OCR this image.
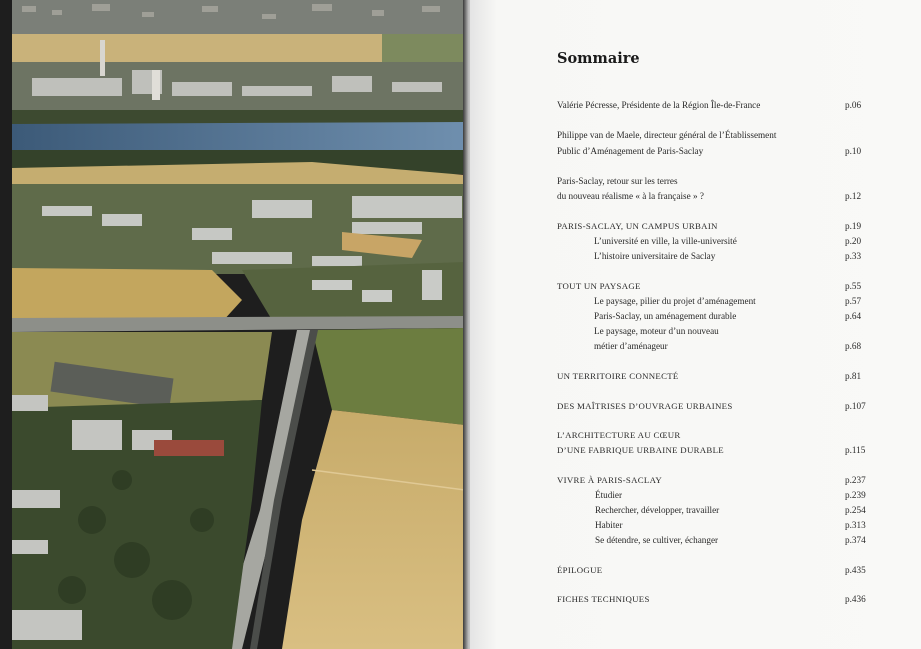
Sommaire
Valérie Pécresse, Présidente de la Région Île-de-France	p.06
Philippe van de Maele, directeur général de l’Établissement
Public d’Aménagement de Paris-Saclay	p.10
Paris-Saclay, retour sur les terres
du nouveau réalisme « à la française » ?	p.12
PARIS-SACLAY, UN CAMPUS URBAIN	p.19
L’université en ville, la ville-université	p.20
L’histoire universitaire de Saclay	p.33
TOUT UN PAYSAGE	p.55
Le paysage, pilier du projet d’aménagement	p.57
Paris-Saclay, un aménagement durable	p.64
Le paysage, moteur d’un nouveau
métier d’aménageur	p.68
UN TERRITOIRE CONNECTÉ	p.81
DES MAÎTRISES D’OUVRAGE URBAINES	p.107
L’ARCHITECTURE AU CŒUR
D’UNE FABRIQUE URBAINE DURABLE	p.115
VIVRE À PARIS-SACLAY	p.237
Étudier	p.239
Rechercher, développer, travailler	p.254
Habiter	p.313
Se détendre, se cultiver, échanger	p.374
ÉPILOGUE	p.435
FICHES TECHNIQUES	p.436
